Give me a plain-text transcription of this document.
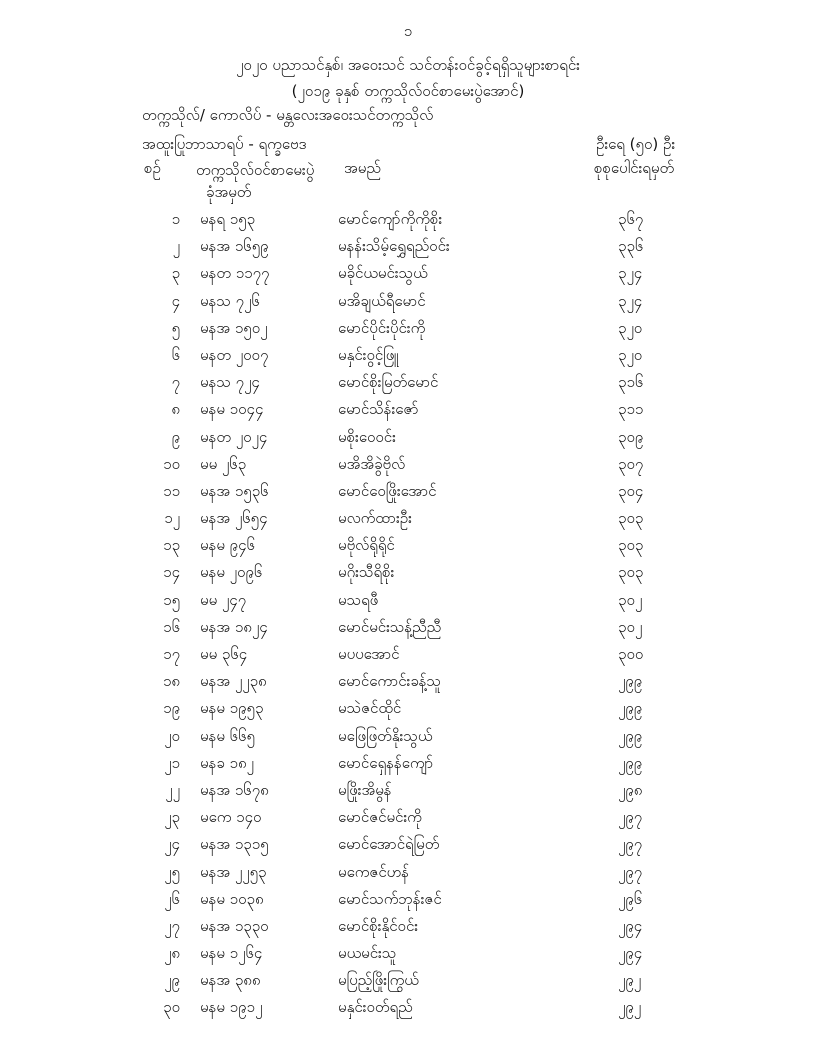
၁
၂၀၂၀ ပညာသင်နှစ်၊ အဝေးသင် သင်တန်းဝင်ခွင့်ရရှိသူများစာရင်း
(၂၀၁၉ ခုနှစ် တက္ကသိုလ်ဝင်စာမေးပွဲအောင်)
တက္ကသိုလ်/ ကောလိပ် - မန္တလေးအဝေးသင်တက္ကသိုလ်
အထူးပြုဘာသာရပ် - ရက္ခဗေဒ	ဦးရေ (၅၀) ဦး
စဉ် တက္ကသိုလ်ဝင်စာမေးပွဲ
ခုံအမှတ်
အမည်	စုစုပေါင်းရမှတ်
၁ မနရ ၁၅၃	မောင်ကျော်ကိုကိုစိုး	၃၆၇
၂ မနအ ၁၆၅၉	မနန်းသိမ့်ရွှေရည်ဝင်း	၃၃၆
၃ မနတ ၁၁၇၇	မခိုင်ယမင်းသွယ်	၃၂၄
၄ မနသ ၇၂၆	မအိချယ်ရီမောင်	၃၂၄
၅ မနအ ၁၅၀၂	မောင်ပိုင်းပိုင်းကို	၃၂၀
၆ မနတ ၂၀၀၇	မနှင်းဝွင့်ဖြူ	၃၂၀
၇ မနသ ၇၂၄	မောင်စိုးမြတ်မောင်	၃၁၆
၈ မနမ ၁၀၄၄	မောင်သိန်းဇော်	၃၁၁
၉ မနတ ၂၀၂၄	မစိုးဝေဝင်း	၃၀၉
၁၀ မမ ၂၆၃	မအိအိခွဲဗိုလ်	၃၀၇
၁၁ မနအ ၁၅၃၆	မောင်ဝေဖြိုးအောင်	၃၀၄
၁၂ မနအ ၂၆၅၄	မလက်ထားဦး	၃၀၃
၁၃ မနမ ၉၄၆	မဗိုလ်ရိုရိုင်	၃၀၃
၁၄ မနမ ၂၀၉၆	မဂိုးသီရိစိုး	၃၀၃
၁၅ မမ ၂၄၇	မသရဖီ	၃၀၂
၁၆ မနအ ၁၈၂၄	မောင်မင်းသန့်ညီညီ	၃၀၂
၁၇ မမ ၃၆၄	မပပအောင်	၃၀၀
၁၈ မနအ ၂၂၃၈	မောင်ကောင်းခန့်သူ	၂၉၉
၁၉ မနမ ၁၉၅၃	မသဲဇင်ထိုင်	၂၉၉
၂၀ မနမ ၆၆၅	မဖြေဖြတ်နိုးသွယ်	၂၉၉
၂၁ မနခ ၁၈၂	မောင်ရှေနန်ကျော်	၂၉၉
၂၂ မနအ ၁၆၇၈	မဖြိုးအိမွန်	၂၉၈
၂၃ မကေ ၁၄၀	မောင်ဇင်မင်းကို	၂၉၇
၂၄ မနအ ၁၃၁၅	မောင်အောင်ရဲမြတ်	၂၉၇
၂၅ မနအ ၂၂၅၃	မကေဇင်ဟန်	၂၉၇
၂၆ မနမ ၁၀၃၈	မောင်သက်ဘုန်းဇင်	၂၉၆
၂၇ မနအ ၁၃၃၀	မောင်စိုးနိုင်ဝင်း	၂၉၄
၂၈ မနမ ၁၂၆၄	မယမင်းသူ	၂၉၄
၂၉ မနအ ၃၈၈	မပြည့်ဖြိုးကြွယ်	၂၉၂
၃၀ မနမ ၁၉၁၂	မနှင်းဝတ်ရည်	၂၉၂
